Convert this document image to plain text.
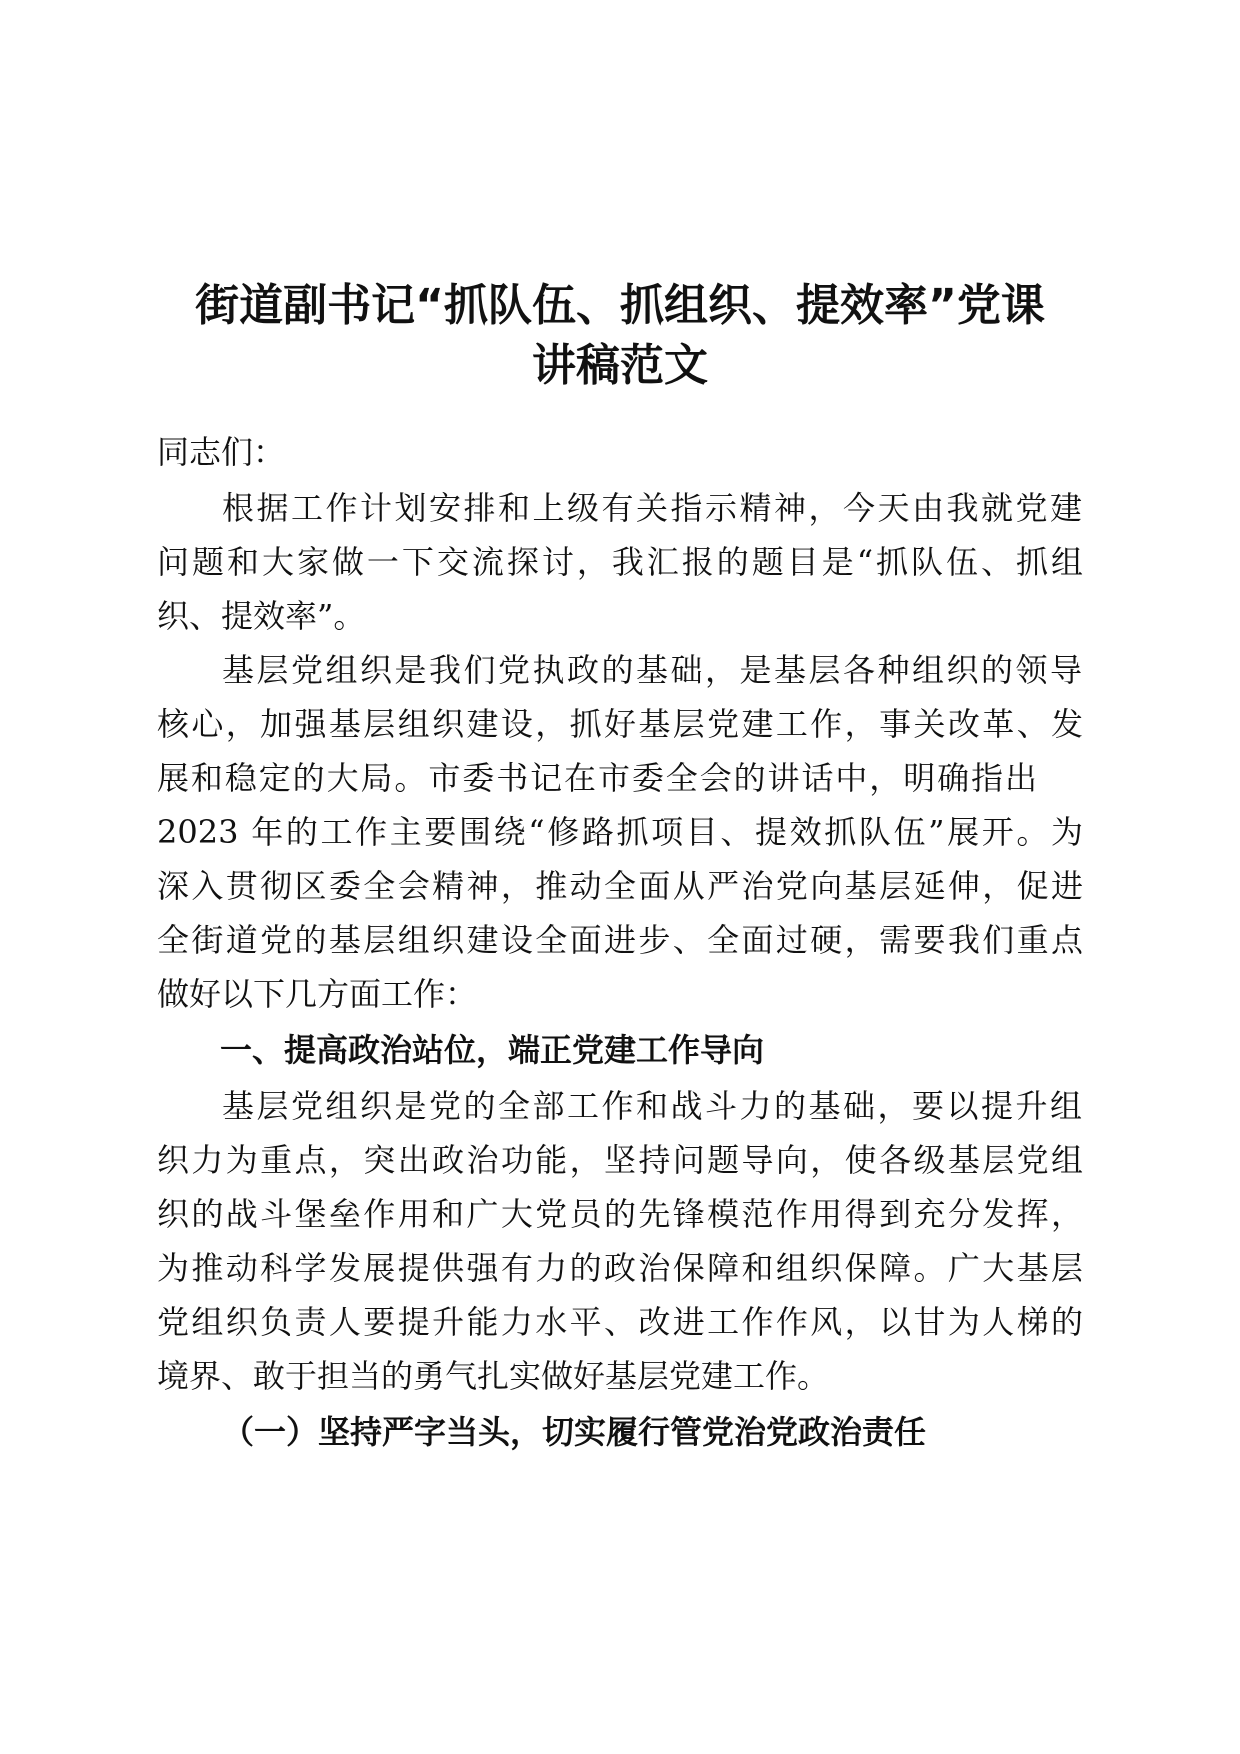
街道副书记“抓队伍、抓组织、提效率”党课
讲稿范文
同志们：
根据工作计划安排和上级有关指示精神，今天由我就党建
问题和大家做一下交流探讨，我汇报的题目是“抓队伍、抓组
织、提效率”。
基层党组织是我们党执政的基础，是基层各种组织的领导
核心，加强基层组织建设，抓好基层党建工作，事关改革、发
展和稳定的大局。市委书记在市委全会的讲话中，明确指出
2023 年的工作主要围绕“修路抓项目、提效抓队伍”展开。为
深入贯彻区委全会精神，推动全面从严治党向基层延伸，促进
全街道党的基层组织建设全面进步、全面过硬，需要我们重点
做好以下几方面工作：
一、提高政治站位，端正党建工作导向
基层党组织是党的全部工作和战斗力的基础，要以提升组
织力为重点，突出政治功能，坚持问题导向，使各级基层党组
织的战斗堡垒作用和广大党员的先锋模范作用得到充分发挥，
为推动科学发展提供强有力的政治保障和组织保障。广大基层
党组织负责人要提升能力水平、改进工作作风，以甘为人梯的
境界、敢于担当的勇气扎实做好基层党建工作。
（一）坚持严字当头，切实履行管党治党政治责任
